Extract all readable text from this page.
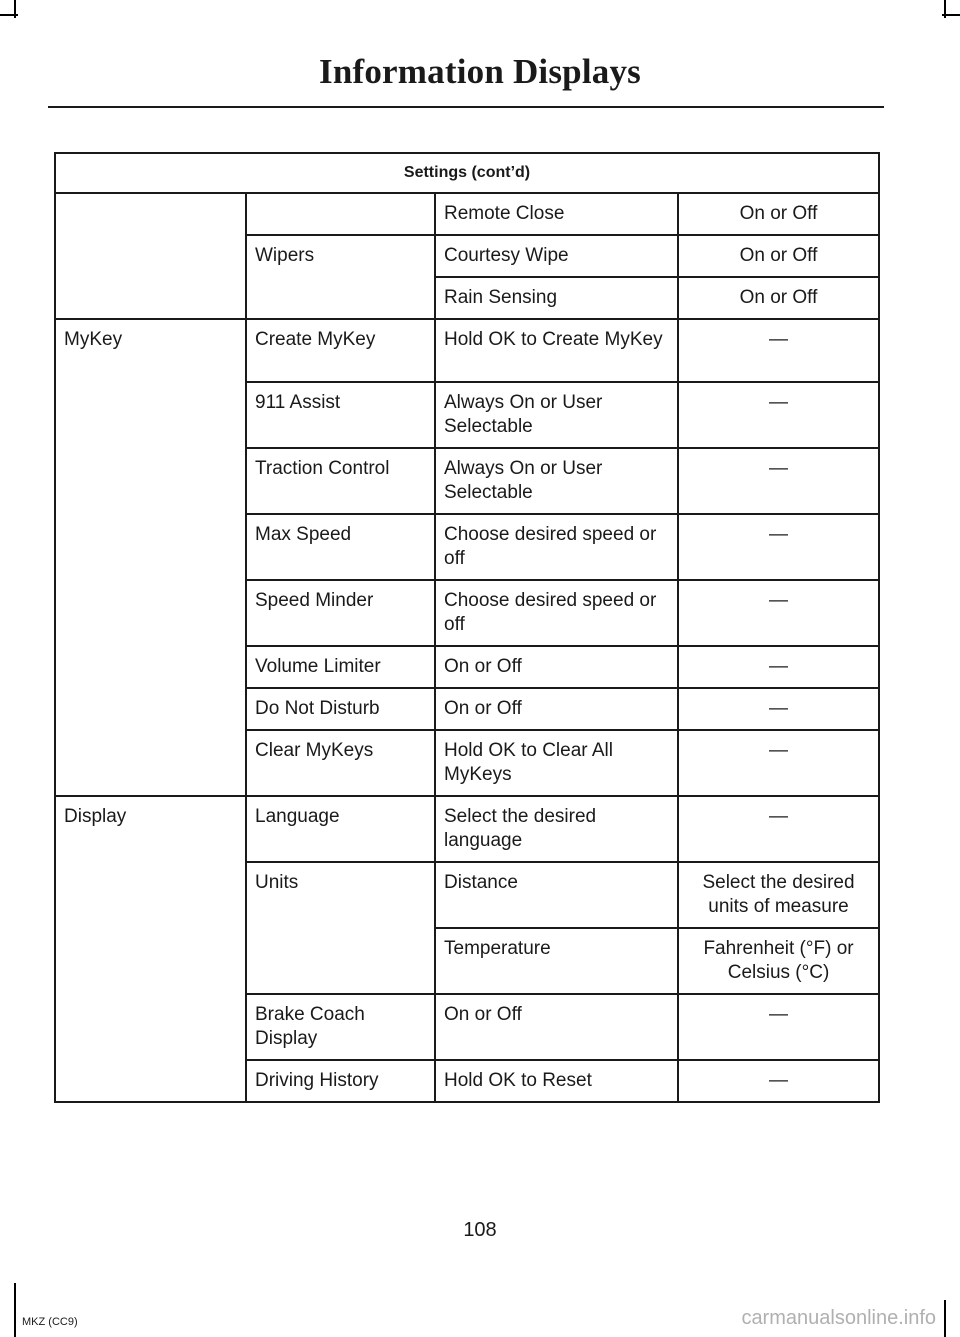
Information Displays
Settings (cont’d)			
		Remote Close	On or Off
	Wipers	Courtesy Wipe	On or Off
		Rain Sensing	On or Off
MyKey	Create MyKey	Hold OK to Create MyKey	—
	911 Assist	Always On or User Selectable	—
	Traction Control	Always On or User Selectable	—
	Max Speed	Choose desired speed or off	—
	Speed Minder	Choose desired speed or off	—
	Volume Limiter	On or Off	—
	Do Not Disturb	On or Off	—
	Clear MyKeys	Hold OK to Clear All MyKeys	—
Display	Language	Select the desired language	—
	Units	Distance	Select the desired units of measure
		Temperature	Fahrenheit (°F) or Celsius (°C)
	Brake Coach Display	On or Off	—
	Driving History	Hold OK to Reset	—
108
MKZ (CC9)	carmanualsonline.info
